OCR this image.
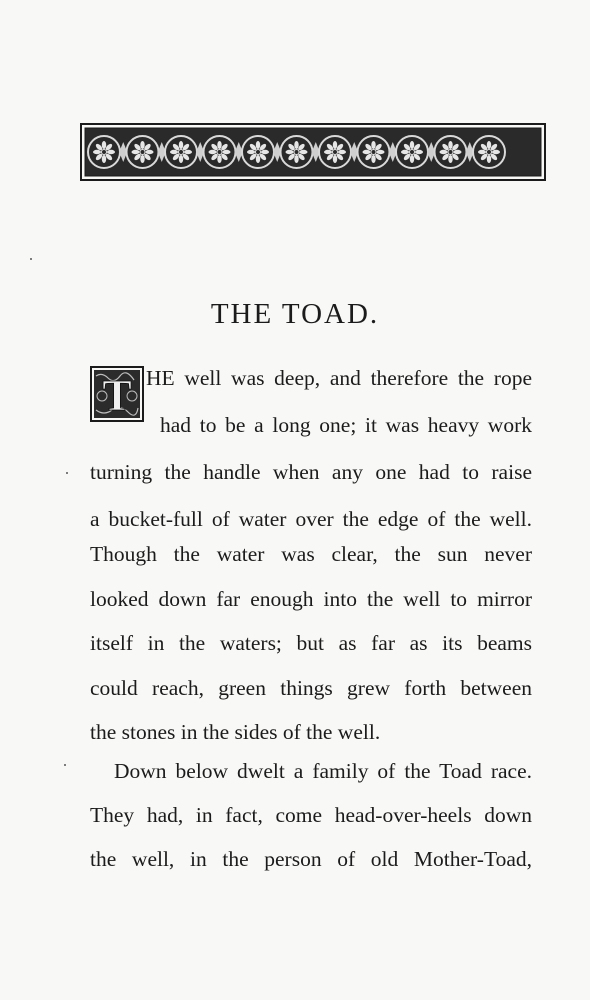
THE TOAD.
T HE well was deep, and therefore the rope
had to be a long one; it was heavy work
turning the handle when any one had to raise
a bucket-full of water over the edge of the well.
Though the water was clear, the sun never
looked down far enough into the well to mirror
itself in the waters; but as far as its beams
could reach, green things grew forth between
the stones in the sides of the well.
Down below dwelt a family of the Toad race.
They had, in fact, come head-over-heels down
the well, in the person of old Mother-Toad,
